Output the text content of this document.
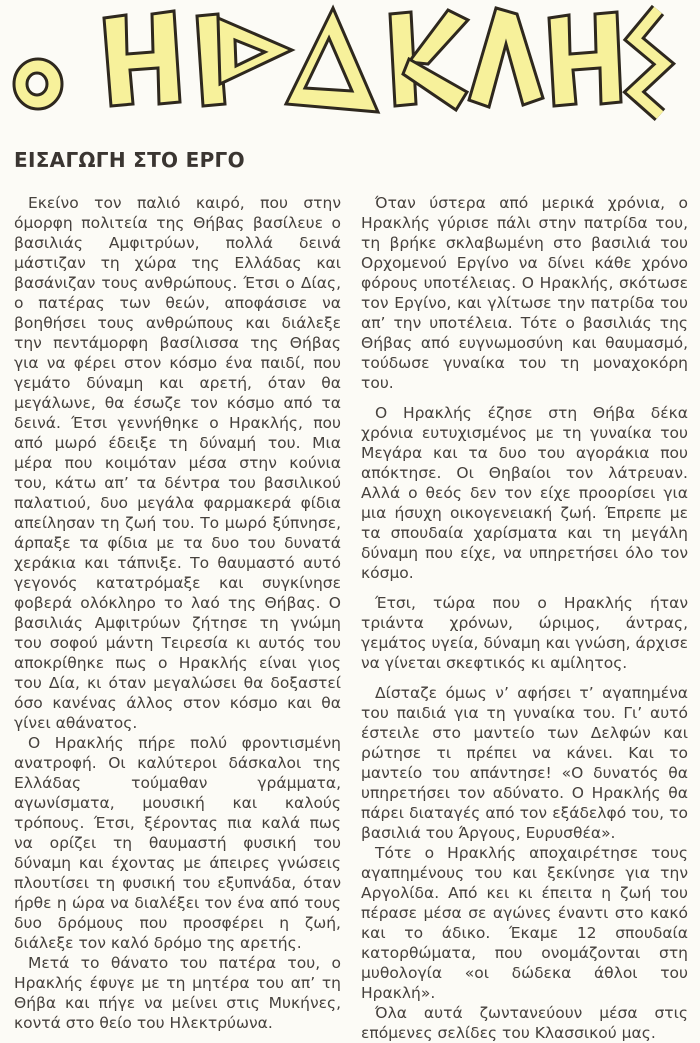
ΕΙΣΑΓΩΓΗ ΣΤΟ ΕΡΓΟ

Εκείνο τον παλιό καιρό, που στην όμορφη πολιτεία της Θήβας βασίλευε ο βασιλιάς Αμφιτρύων, πολλά δεινά μάστιζαν τη χώρα της Ελλάδας και βασάνιζαν τους ανθρώπους. Έτσι ο Δίας, ο πατέρας των θεών, αποφάσισε να βοηθήσει τους ανθρώπους και διάλεξε την πεντάμορφη βασίλισσα της Θήβας για να φέρει στον κόσμο ένα παιδί, που γεμάτο δύναμη και αρετή, όταν θα μεγάλωνε, θα έσωζε τον κόσμο από τα δεινά. Έτσι γεννήθηκε ο Ηρακλής, που από μωρό έδειξε τη δύναμή του. Μια μέρα που κοιμόταν μέσα στην κούνια του, κάτω απ’ τα δέντρα του βασιλικού παλατιού, δυο μεγάλα φαρμακερά φίδια απείλησαν τη ζωή του. Το μωρό ξύπνησε, άρπαξε τα φίδια με τα δυο του δυνατά χεράκια και τάπνιξε. Το θαυμαστό αυτό γεγονός κατατρόμαξε και συγκίνησε φοβερά ολόκληρο το λαό της Θήβας. Ο βασιλιάς Αμφιτρύων ζήτησε τη γνώμη του σοφού μάντη Τειρεσία κι αυτός του αποκρίθηκε πως ο Ηρακλής είναι γιος του Δία, κι όταν μεγαλώσει θα δοξαστεί όσο κανένας άλλος στον κόσμο και θα γίνει αθάνατος.

Ο Ηρακλής πήρε πολύ φροντισμένη ανατροφή. Οι καλύτεροι δάσκαλοι της Ελλάδας τούμαθαν γράμματα, αγωνίσματα, μουσική και καλούς τρόπους. Έτσι, ξέροντας πια καλά πως να ορίζει τη θαυμαστή φυσική του δύναμη και έχοντας με άπειρες γνώσεις πλουτίσει τη φυσική του εξυπνάδα, όταν ήρθε η ώρα να διαλέξει τον ένα από τους δυο δρόμους που προσφέρει η ζωή, διάλεξε τον καλό δρόμο της αρετής.

Μετά το θάνατο του πατέρα του, ο Ηρακλής έφυγε με τη μητέρα του απ’ τη Θήβα και πήγε να μείνει στις Μυκήνες, κοντά στο θείο του Ηλεκτρύωνα.

Όταν ύστερα από μερικά χρόνια, ο Ηρακλής γύρισε πάλι στην πατρίδα του, τη βρήκε σκλαβωμένη στο βασιλιά του Ορχομενού Εργίνο να δίνει κάθε χρόνο φόρους υποτέλειας. Ο Ηρακλής, σκότωσε τον Εργίνο, και γλίτωσε την πατρίδα του απ’ την υποτέλεια. Τότε ο βασιλιάς της Θήβας από ευγνωμοσύνη και θαυμασμό, τούδωσε γυναίκα του τη μοναχοκόρη του.

Ο Ηρακλής έζησε στη Θήβα δέκα χρόνια ευτυχισμένος με τη γυναίκα του Μεγάρα και τα δυο του αγοράκια που απόκτησε. Οι Θηβαίοι τον λάτρευαν. Αλλά ο θεός δεν τον είχε προορίσει για μια ήσυχη οικογενειακή ζωή. Έπρεπε με τα σπουδαία χαρίσματα και τη μεγάλη δύναμη που είχε, να υπηρετήσει όλο τον κόσμο.

Έτσι, τώρα που ο Ηρακλής ήταν τριάντα χρόνων, ώριμος, άντρας, γεμάτος υγεία, δύναμη και γνώση, άρχισε να γίνεται σκεφτικός κι αμίλητος.

Δίσταζε όμως ν’ αφήσει τ’ αγαπημένα του παιδιά για τη γυναίκα του. Γι’ αυτό έστειλε στο μαντείο των Δελφών και ρώτησε τι πρέπει να κάνει. Και το μαντείο του απάντησε! «Ο δυνατός θα υπηρετήσει τον αδύνατο. Ο Ηρακλής θα πάρει διαταγές από τον εξάδελφό του, το βασιλιά του Άργους, Ευρυσθέα».

Τότε ο Ηρακλής αποχαιρέτησε τους αγαπημένους του και ξεκίνησε για την Αργολίδα. Από κει κι έπειτα η ζωή του πέρασε μέσα σε αγώνες έναντι στο κακό και το άδικο. Έκαμε 12 σπουδαία κατορθώματα, που ονομάζονται στη μυθολογία «οι δώδεκα άθλοι του Ηρακλή».

Όλα αυτά ζωντανεύουν μέσα στις επόμενες σελίδες του Κλασσικού μας.
